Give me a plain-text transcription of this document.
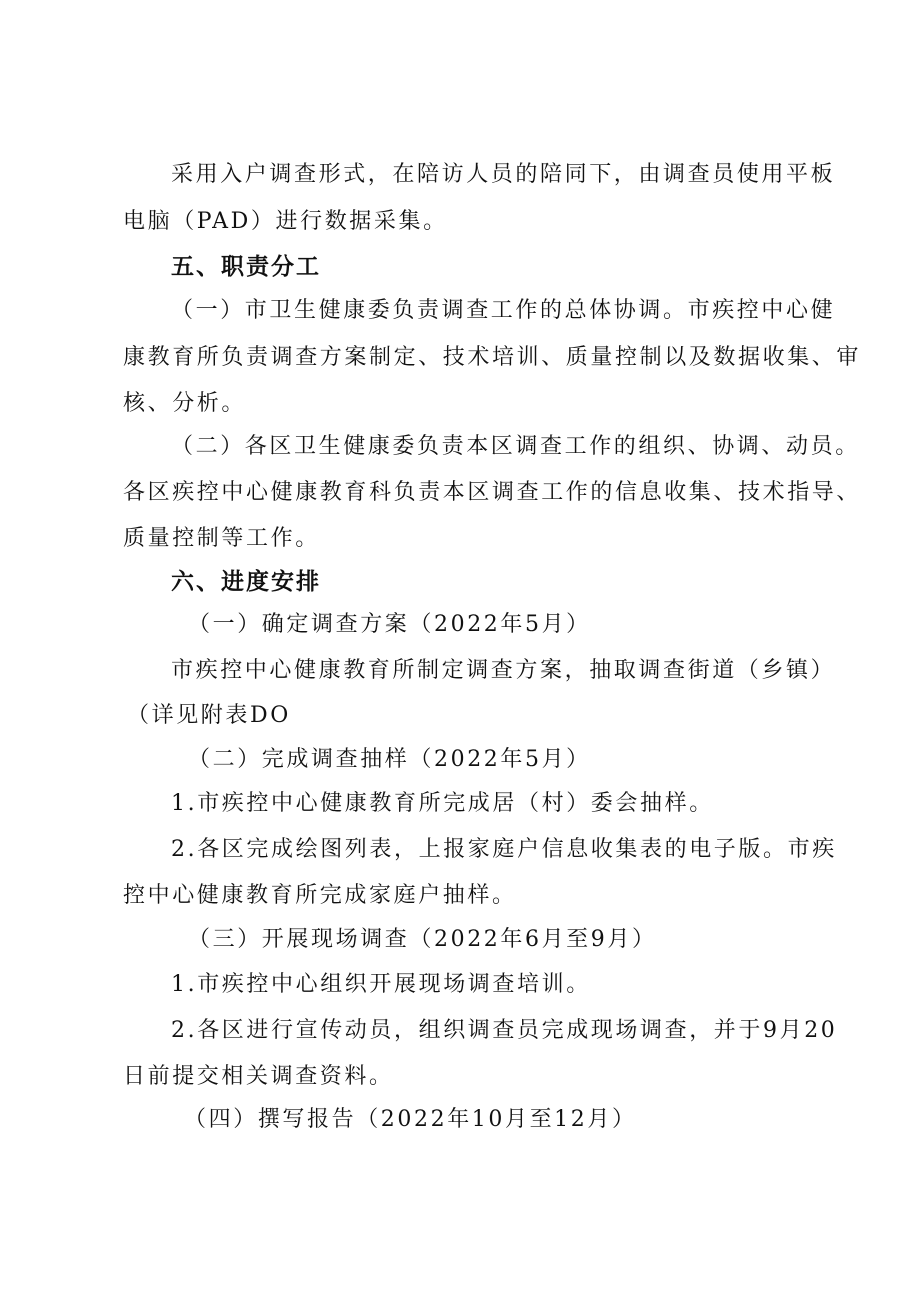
采用入户调查形式，在陪访人员的陪同下，由调查员使用平板
电脑（PAD）进行数据采集。
五、职责分工
（一）市卫生健康委负责调查工作的总体协调。市疾控中心健
康教育所负责调查方案制定、技术培训、质量控制以及数据收集、审
核、分析。
（二）各区卫生健康委负责本区调查工作的组织、协调、动员。
各区疾控中心健康教育科负责本区调查工作的信息收集、技术指导、
质量控制等工作。
六、进度安排
（一）确定调查方案（2022年5月）
市疾控中心健康教育所制定调查方案，抽取调查街道（乡镇）
（详见附表DO
（二）完成调查抽样（2022年5月）
1.市疾控中心健康教育所完成居（村）委会抽样。
2.各区完成绘图列表，上报家庭户信息收集表的电子版。市疾
控中心健康教育所完成家庭户抽样。
（三）开展现场调查（2022年6月至9月）
1.市疾控中心组织开展现场调查培训。
2.各区进行宣传动员，组织调查员完成现场调查，并于9月20
日前提交相关调查资料。
（四）撰写报告（2022年10月至12月）
